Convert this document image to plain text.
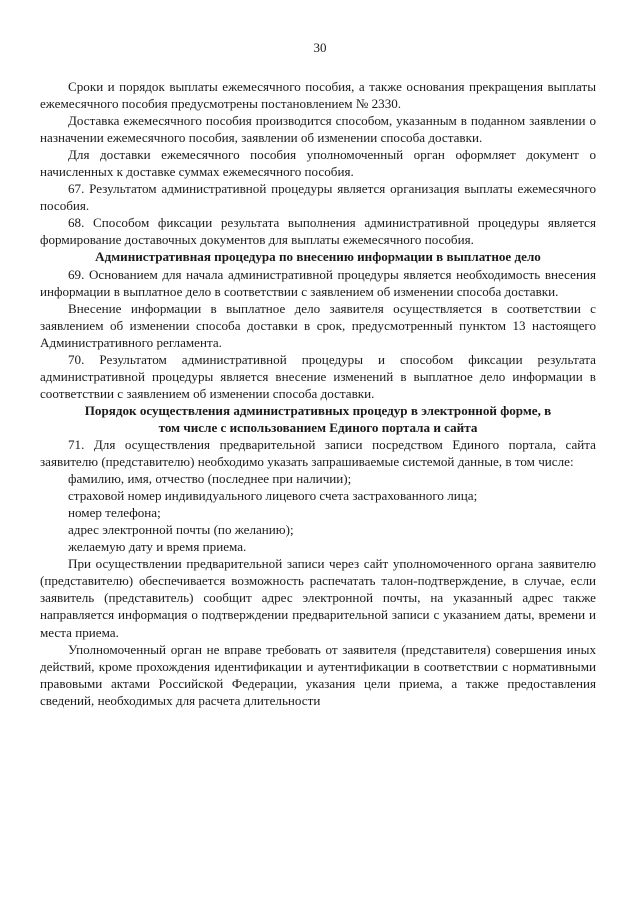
30

Сроки и порядок выплаты ежемесячного пособия, а также основания прекращения выплаты ежемесячного пособия предусмотрены постановлением № 2330.

Доставка ежемесячного пособия производится способом, указанным в поданном заявлении о назначении ежемесячного пособия, заявлении об изменении способа доставки.

Для доставки ежемесячного пособия уполномоченный орган оформляет документ о начисленных к доставке суммах ежемесячного пособия.

67. Результатом административной процедуры является организация выплаты ежемесячного пособия.

68. Способом фиксации результата выполнения административной процедуры является формирование доставочных документов для выплаты ежемесячного пособия.

Административная процедура по внесению информации в выплатное дело

69. Основанием для начала административной процедуры является необходимость внесения информации в выплатное дело в соответствии с заявлением об изменении способа доставки.

Внесение информации в выплатное дело заявителя осуществляется в соответствии с заявлением об изменении способа доставки в срок, предусмотренный пунктом 13 настоящего Административного регламента.

70. Результатом административной процедуры и способом фиксации результата административной процедуры является внесение изменений в выплатное дело информации в соответствии с заявлением об изменении способа доставки.

Порядок осуществления административных процедур в электронной форме, в том числе с использованием Единого портала и сайта

71. Для осуществления предварительной записи посредством Единого портала, сайта заявителю (представителю) необходимо указать запрашиваемые системой данные, в том числе:

фамилию, имя, отчество (последнее при наличии);

страховой номер индивидуального лицевого счета застрахованного лица;

номер телефона;

адрес электронной почты (по желанию);

желаемую дату и время приема.

При осуществлении предварительной записи через сайт уполномоченного органа заявителю (представителю) обеспечивается возможность распечатать талон-подтверждение, в случае, если заявитель (представитель) сообщит адрес электронной почты, на указанный адрес также направляется информация о подтверждении предварительной записи с указанием даты, времени и места приема.

Уполномоченный орган не вправе требовать от заявителя (представителя) совершения иных действий, кроме прохождения идентификации и аутентификации в соответствии с нормативными правовыми актами Российской Федерации, указания цели приема, а также предоставления сведений, необходимых для расчета длительности
